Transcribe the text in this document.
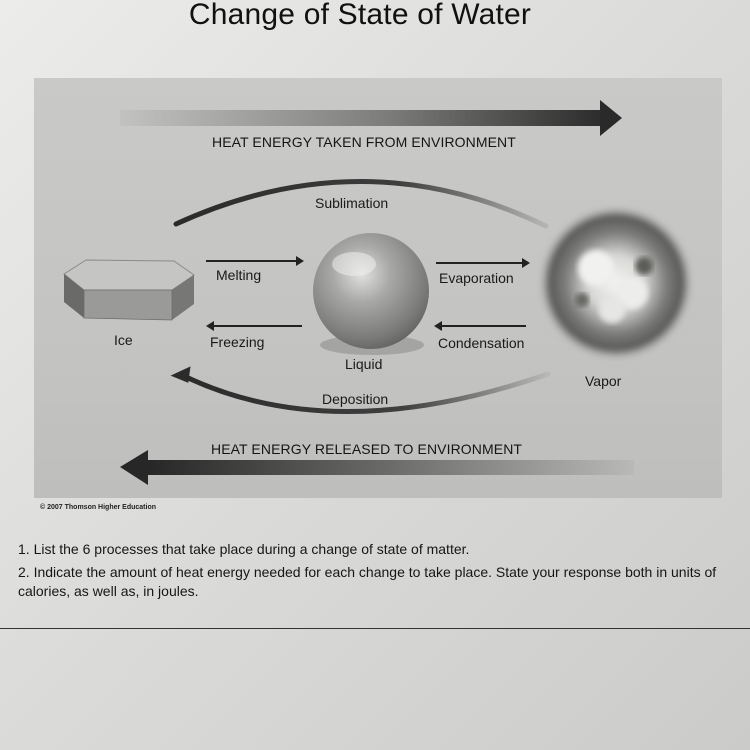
Change of State of Water
HEAT ENERGY TAKEN FROM ENVIRONMENT
HEAT ENERGY RELEASED TO ENVIRONMENT
Sublimation
Melting
Freezing
Evaporation
Condensation
Deposition
Ice
Liquid
Vapor
© 2007 Thomson Higher Education
1. List the 6 processes that take place during a change of state of matter.
2. Indicate the amount of heat energy needed for each change to take place. State your response both in units of calories, as well as, in joules.
